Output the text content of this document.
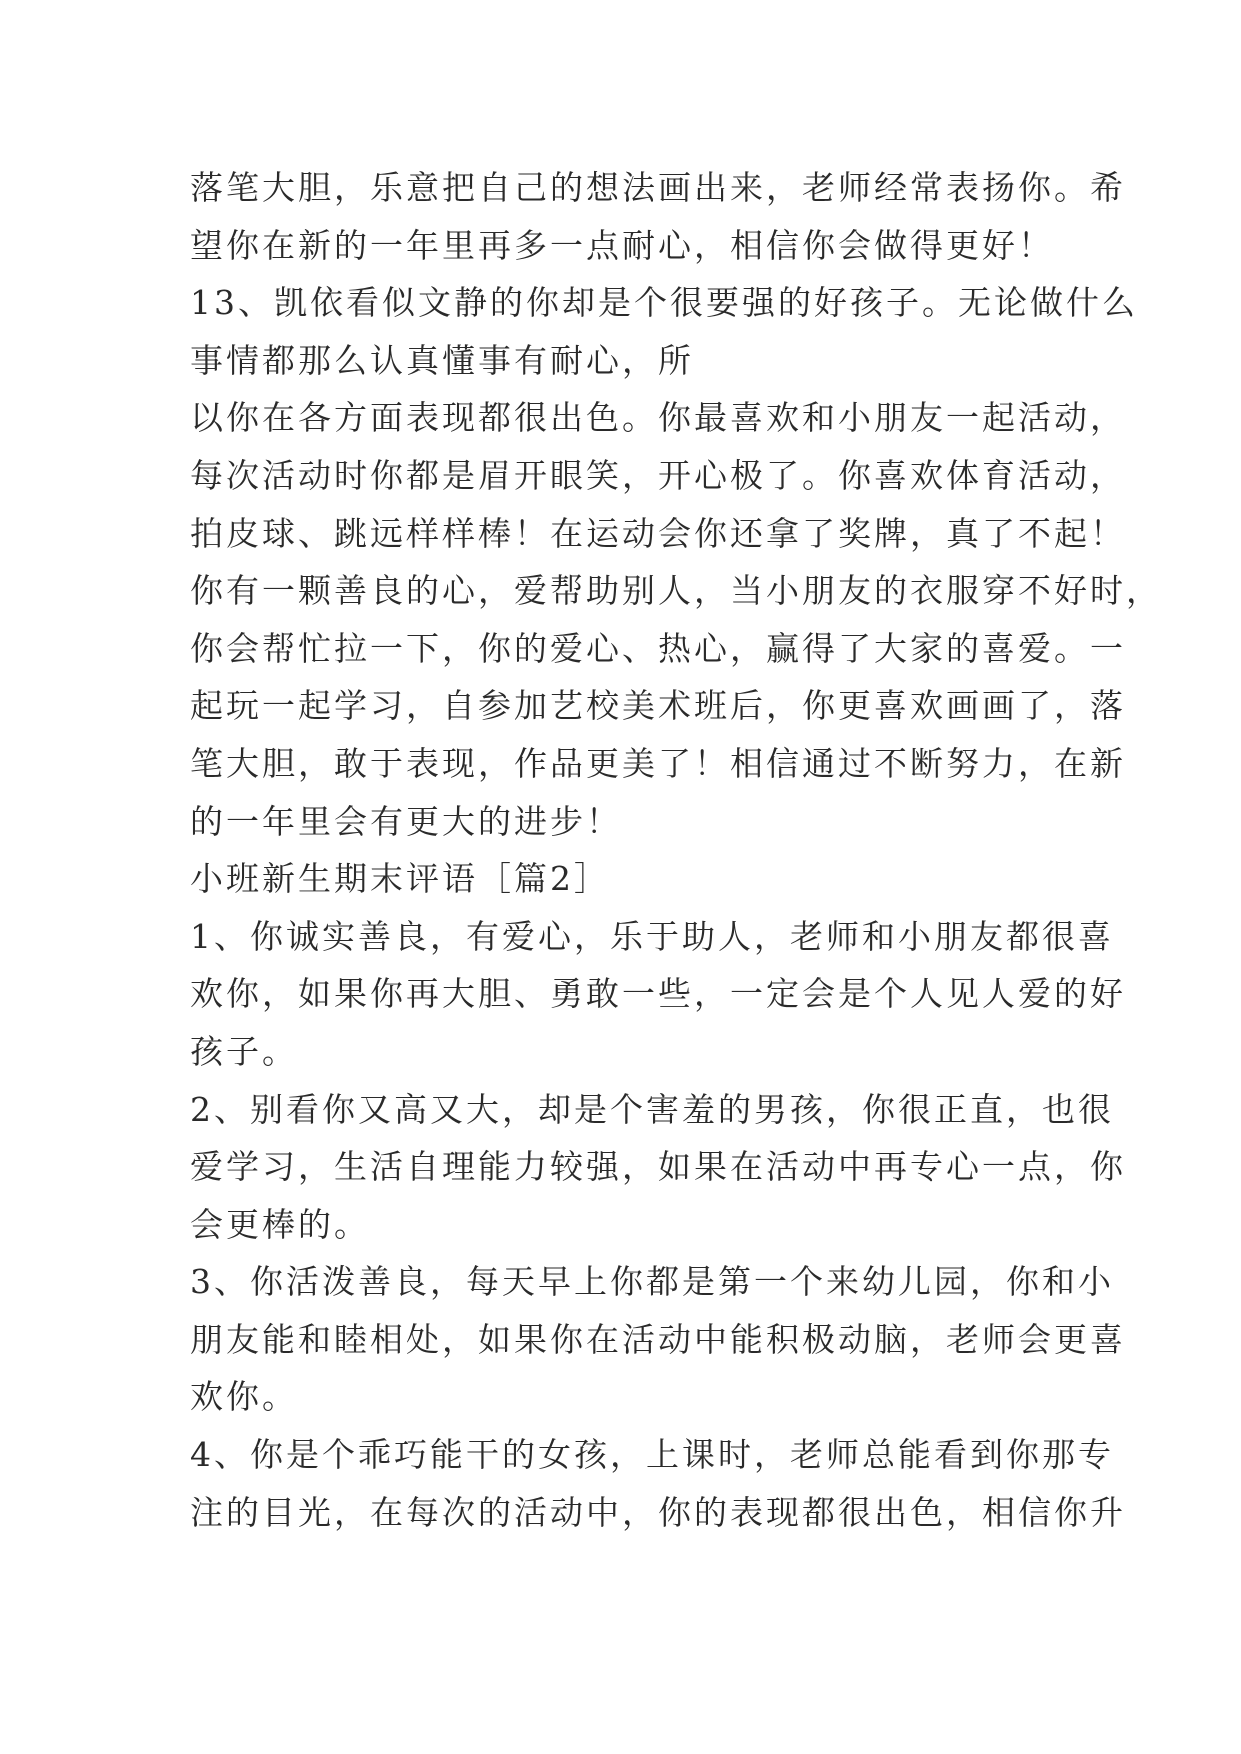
落笔大胆，乐意把自己的想法画出来，老师经常表扬你。希
望你在新的一年里再多一点耐心，相信你会做得更好！
13、凯依看似文静的你却是个很要强的好孩子。无论做什么
事情都那么认真懂事有耐心，所
以你在各方面表现都很出色。你最喜欢和小朋友一起活动，
每次活动时你都是眉开眼笑，开心极了。你喜欢体育活动，
拍皮球、跳远样样棒！在运动会你还拿了奖牌，真了不起！
你有一颗善良的心，爱帮助别人，当小朋友的衣服穿不好时，
你会帮忙拉一下，你的爱心、热心，赢得了大家的喜爱。一
起玩一起学习，自参加艺校美术班后，你更喜欢画画了，落
笔大胆，敢于表现，作品更美了！相信通过不断努力，在新
的一年里会有更大的进步！
小班新生期末评语［篇2］
1、你诚实善良，有爱心，乐于助人，老师和小朋友都很喜
欢你，如果你再大胆、勇敢一些，一定会是个人见人爱的好
孩子。
2、别看你又高又大，却是个害羞的男孩，你很正直，也很
爱学习，生活自理能力较强，如果在活动中再专心一点，你
会更棒的。
3、你活泼善良，每天早上你都是第一个来幼儿园，你和小
朋友能和睦相处，如果你在活动中能积极动脑，老师会更喜
欢你。
4、你是个乖巧能干的女孩，上课时，老师总能看到你那专
注的目光，在每次的活动中，你的表现都很出色，相信你升
